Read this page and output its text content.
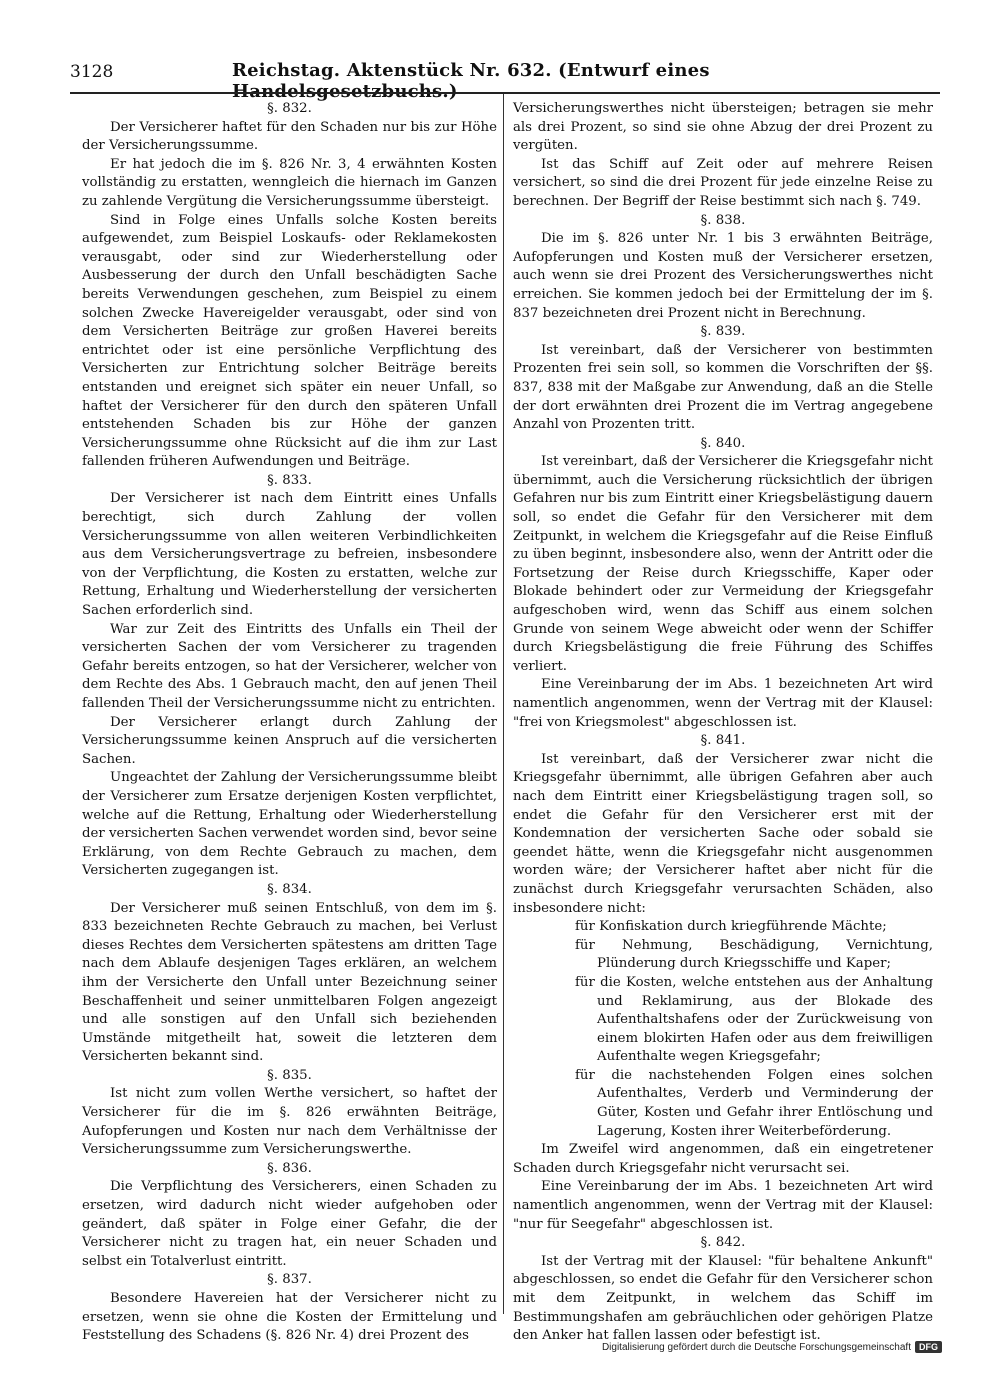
3128	Reichstag. Aktenstück Nr. 632. (Entwurf eines Handelsgesetzbuchs.)

§. 832.

Der Versicherer haftet für den Schaden nur bis zur Höhe der Versicherungssumme.

Er hat jedoch die im §. 826 Nr. 3, 4 erwähnten Kosten vollständig zu erstatten, wenngleich die hiernach im Ganzen zu zahlende Vergütung die Versicherungssumme übersteigt.

Sind in Folge eines Unfalls solche Kosten bereits aufgewendet, zum Beispiel Loskaufs- oder Reklamekosten verausgabt, oder sind zur Wiederherstellung oder Ausbesserung der durch den Unfall beschädigten Sache bereits Verwendungen geschehen, zum Beispiel zu einem solchen Zwecke Havereigelder verausgabt, oder sind von dem Versicherten Beiträge zur großen Haverei bereits entrichtet oder ist eine persönliche Verpflichtung des Versicherten zur Entrichtung solcher Beiträge bereits entstanden und ereignet sich später ein neuer Unfall, so haftet der Versicherer für den durch den späteren Unfall entstehenden Schaden bis zur Höhe der ganzen Versicherungssumme ohne Rücksicht auf die ihm zur Last fallenden früheren Aufwendungen und Beiträge.

§. 833.

Der Versicherer ist nach dem Eintritt eines Unfalls berechtigt, sich durch Zahlung der vollen Versicherungssumme von allen weiteren Verbindlichkeiten aus dem Versicherungsvertrage zu befreien, insbesondere von der Verpflichtung, die Kosten zu erstatten, welche zur Rettung, Erhaltung und Wiederherstellung der versicherten Sachen erforderlich sind.

War zur Zeit des Eintritts des Unfalls ein Theil der versicherten Sachen der vom Versicherer zu tragenden Gefahr bereits entzogen, so hat der Versicherer, welcher von dem Rechte des Abs. 1 Gebrauch macht, den auf jenen Theil fallenden Theil der Versicherungssumme nicht zu entrichten.

Der Versicherer erlangt durch Zahlung der Versicherungssumme keinen Anspruch auf die versicherten Sachen.

Ungeachtet der Zahlung der Versicherungssumme bleibt der Versicherer zum Ersatze derjenigen Kosten verpflichtet, welche auf die Rettung, Erhaltung oder Wiederherstellung der versicherten Sachen verwendet worden sind, bevor seine Erklärung, von dem Rechte Gebrauch zu machen, dem Versicherten zugegangen ist.

§. 834.

Der Versicherer muß seinen Entschluß, von dem im §. 833 bezeichneten Rechte Gebrauch zu machen, bei Verlust dieses Rechtes dem Versicherten spätestens am dritten Tage nach dem Ablaufe desjenigen Tages erklären, an welchem ihm der Versicherte den Unfall unter Bezeichnung seiner Beschaffenheit und seiner unmittelbaren Folgen angezeigt und alle sonstigen auf den Unfall sich beziehenden Umstände mitgetheilt hat, soweit die letzteren dem Versicherten bekannt sind.

§. 835.

Ist nicht zum vollen Werthe versichert, so haftet der Versicherer für die im §. 826 erwähnten Beiträge, Aufopferungen und Kosten nur nach dem Verhältnisse der Versicherungssumme zum Versicherungswerthe.

§. 836.

Die Verpflichtung des Versicherers, einen Schaden zu ersetzen, wird dadurch nicht wieder aufgehoben oder geändert, daß später in Folge einer Gefahr, die der Versicherer nicht zu tragen hat, ein neuer Schaden und selbst ein Totalverlust eintritt.

§. 837.

Besondere Havereien hat der Versicherer nicht zu ersetzen, wenn sie ohne die Kosten der Ermittelung und Feststellung des Schadens (§. 826 Nr. 4) drei Prozent des

Versicherungswerthes nicht übersteigen; betragen sie mehr als drei Prozent, so sind sie ohne Abzug der drei Prozent zu vergüten.

Ist das Schiff auf Zeit oder auf mehrere Reisen versichert, so sind die drei Prozent für jede einzelne Reise zu berechnen. Der Begriff der Reise bestimmt sich nach §. 749.

§. 838.

Die im §. 826 unter Nr. 1 bis 3 erwähnten Beiträge, Aufopferungen und Kosten muß der Versicherer ersetzen, auch wenn sie drei Prozent des Versicherungswerthes nicht erreichen. Sie kommen jedoch bei der Ermittelung der im §. 837 bezeichneten drei Prozent nicht in Berechnung.

§. 839.

Ist vereinbart, daß der Versicherer von bestimmten Prozenten frei sein soll, so kommen die Vorschriften der §§. 837, 838 mit der Maßgabe zur Anwendung, daß an die Stelle der dort erwähnten drei Prozent die im Vertrag angegebene Anzahl von Prozenten tritt.

§. 840.

Ist vereinbart, daß der Versicherer die Kriegsgefahr nicht übernimmt, auch die Versicherung rücksichtlich der übrigen Gefahren nur bis zum Eintritt einer Kriegsbelästigung dauern soll, so endet die Gefahr für den Versicherer mit dem Zeitpunkt, in welchem die Kriegsgefahr auf die Reise Einfluß zu üben beginnt, insbesondere also, wenn der Antritt oder die Fortsetzung der Reise durch Kriegsschiffe, Kaper oder Blokade behindert oder zur Vermeidung der Kriegsgefahr aufgeschoben wird, wenn das Schiff aus einem solchen Grunde von seinem Wege abweicht oder wenn der Schiffer durch Kriegsbelästigung die freie Führung des Schiffes verliert.

Eine Vereinbarung der im Abs. 1 bezeichneten Art wird namentlich angenommen, wenn der Vertrag mit der Klausel: "frei von Kriegsmolest" abgeschlossen ist.

§. 841.

Ist vereinbart, daß der Versicherer zwar nicht die Kriegsgefahr übernimmt, alle übrigen Gefahren aber auch nach dem Eintritt einer Kriegsbelästigung tragen soll, so endet die Gefahr für den Versicherer erst mit der Kondemnation der versicherten Sache oder sobald sie geendet hätte, wenn die Kriegsgefahr nicht ausgenommen worden wäre; der Versicherer haftet aber nicht für die zunächst durch Kriegsgefahr verursachten Schäden, also insbesondere nicht:

für Konfiskation durch kriegführende Mächte;
für Nehmung, Beschädigung, Vernichtung, Plünderung durch Kriegsschiffe und Kaper;
für die Kosten, welche entstehen aus der Anhaltung und Reklamirung, aus der Blokade des Aufenthaltshafens oder der Zurückweisung von einem blokirten Hafen oder aus dem freiwilligen Aufenthalte wegen Kriegsgefahr;
für die nachstehenden Folgen eines solchen Aufenthaltes, Verderb und Verminderung der Güter, Kosten und Gefahr ihrer Entlöschung und Lagerung, Kosten ihrer Weiterbeförderung.

Im Zweifel wird angenommen, daß ein eingetretener Schaden durch Kriegsgefahr nicht verursacht sei.

Eine Vereinbarung der im Abs. 1 bezeichneten Art wird namentlich angenommen, wenn der Vertrag mit der Klausel: "nur für Seegefahr" abgeschlossen ist.

§. 842.

Ist der Vertrag mit der Klausel: "für behaltene Ankunft" abgeschlossen, so endet die Gefahr für den Versicherer schon mit dem Zeitpunkt, in welchem das Schiff im Bestimmungshafen am gebräuchlichen oder gehörigen Platze den Anker hat fallen lassen oder befestigt ist.

Digitalisierung gefördert durch die Deutsche Forschungsgemeinschaft DFG
